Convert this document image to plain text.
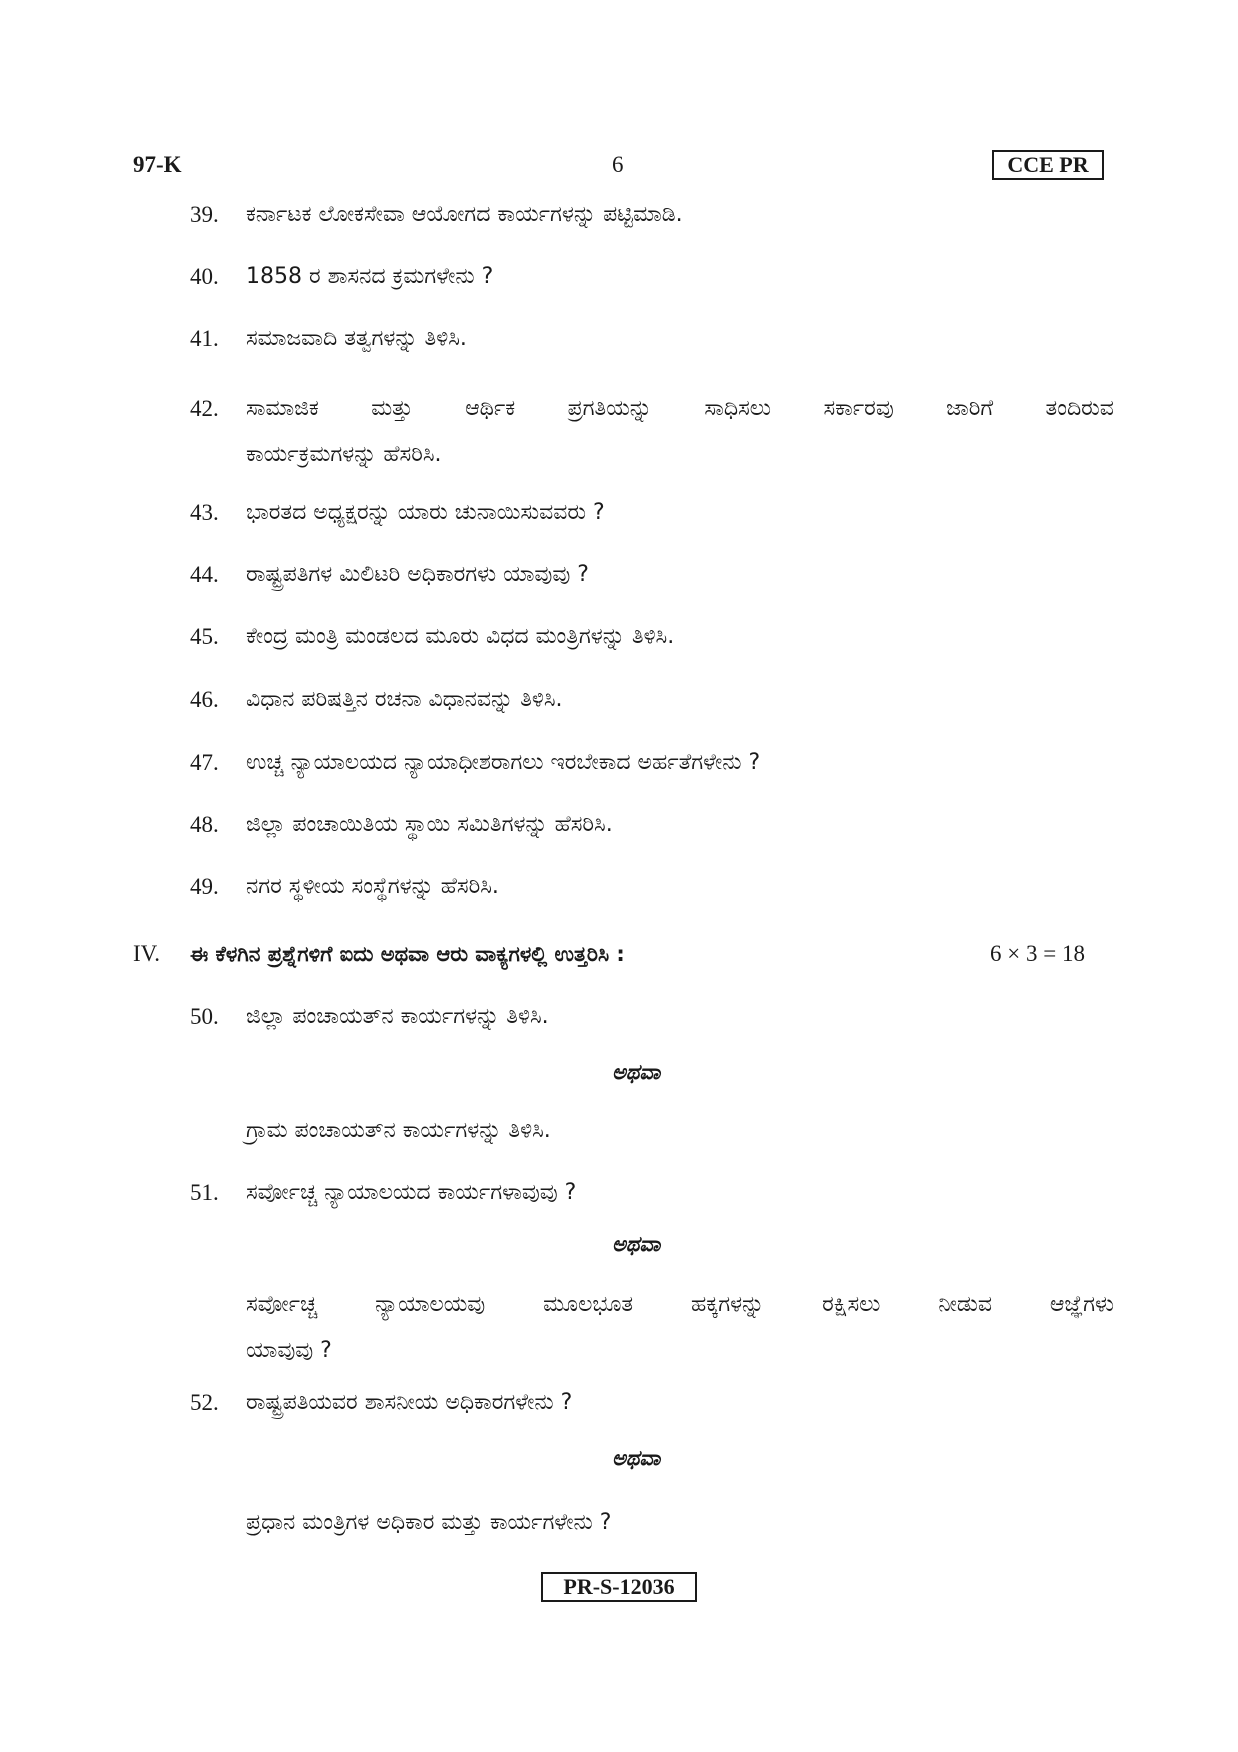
97-K	6	CCE PR
39. ಕರ್ನಾಟಕ ಲೋಕಸೇವಾ ಆಯೋಗದ ಕಾರ್ಯಗಳನ್ನು ಪಟ್ಟಿಮಾಡಿ.
40. 1858 ರ ಶಾಸನದ ಕ್ರಮಗಳೇನು ?
41. ಸಮಾಜವಾದಿ ತತ್ವಗಳನ್ನು ತಿಳಿಸಿ.
42. ಸಾಮಾಜಿಕ ಮತ್ತು ಆರ್ಥಿಕ ಪ್ರಗತಿಯನ್ನು ಸಾಧಿಸಲು ಸರ್ಕಾರವು ಜಾರಿಗೆ ತಂದಿರುವ
ಕಾರ್ಯಕ್ರಮಗಳನ್ನು ಹೆಸರಿಸಿ.
43. ಭಾರತದ ಅಧ್ಯಕ್ಷರನ್ನು ಯಾರು ಚುನಾಯಿಸುವವರು ?
44. ರಾಷ್ಟ್ರಪತಿಗಳ ಮಿಲಿಟರಿ ಅಧಿಕಾರಗಳು ಯಾವುವು ?
45. ಕೇಂದ್ರ ಮಂತ್ರಿ ಮಂಡಲದ ಮೂರು ವಿಧದ ಮಂತ್ರಿಗಳನ್ನು ತಿಳಿಸಿ.
46. ವಿಧಾನ ಪರಿಷತ್ತಿನ ರಚನಾ ವಿಧಾನವನ್ನು ತಿಳಿಸಿ.
47. ಉಚ್ಚ ನ್ಯಾಯಾಲಯದ ನ್ಯಾಯಾಧೀಶರಾಗಲು ಇರಬೇಕಾದ ಅರ್ಹತೆಗಳೇನು ?
48. ಜಿಲ್ಲಾ ಪಂಚಾಯಿತಿಯ ಸ್ಥಾಯಿ ಸಮಿತಿಗಳನ್ನು ಹೆಸರಿಸಿ.
49. ನಗರ ಸ್ಥಳೀಯ ಸಂಸ್ಥೆಗಳನ್ನು ಹೆಸರಿಸಿ.
IV. ಈ ಕೆಳಗಿನ ಪ್ರಶ್ನೆಗಳಿಗೆ ಐದು ಅಥವಾ ಆರು ವಾಕ್ಯಗಳಲ್ಲಿ ಉತ್ತರಿಸಿ :	6 × 3 = 18
50. ಜಿಲ್ಲಾ ಪಂಚಾಯತ್‌ನ ಕಾರ್ಯಗಳನ್ನು ತಿಳಿಸಿ.
ಅಥವಾ
ಗ್ರಾಮ ಪಂಚಾಯತ್‌ನ ಕಾರ್ಯಗಳನ್ನು ತಿಳಿಸಿ.
51. ಸರ್ವೋಚ್ಚ ನ್ಯಾಯಾಲಯದ ಕಾರ್ಯಗಳಾವುವು ?
ಅಥವಾ
ಸರ್ವೋಚ್ಚ	ನ್ಯಾಯಾಲಯವು	ಮೂಲಭೂತ	ಹಕ್ಕಗಳನ್ನು	ರಕ್ಷಿಸಲು	ನೀಡುವ	ಆಜ್ಞೆಗಳು
ಯಾವುವು ?
52. ರಾಷ್ಟ್ರಪತಿಯವರ ಶಾಸನೀಯ ಅಧಿಕಾರಗಳೇನು ?
ಅಥವಾ
ಪ್ರಧಾನ ಮಂತ್ರಿಗಳ ಅಧಿಕಾರ ಮತ್ತು ಕಾರ್ಯಗಳೇನು ?
PR-S-12036
